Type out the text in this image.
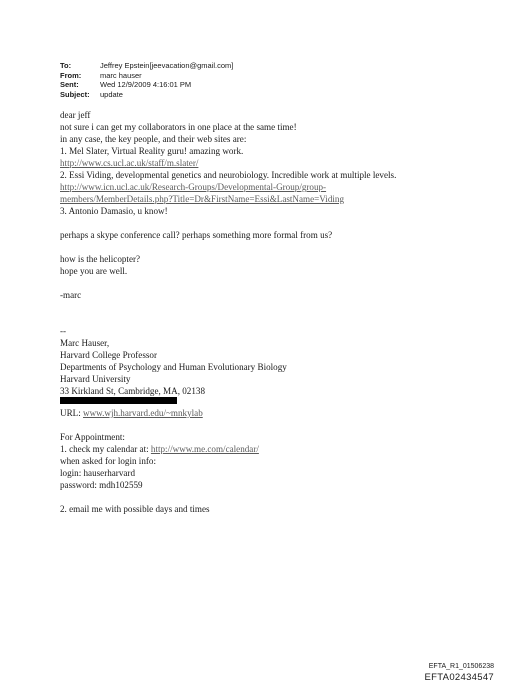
To:	Jeffrey Epstein[jeevacation@gmail.com]
From:	marc hauser
Sent:	Wed 12/9/2009 4:16:01 PM
Subject:	update
dear jeff
not sure i can get my collaborators in one place at the same time!
in any case, the key people, and their web sites are:
1. Mel Slater, Virtual Reality guru! amazing work.
http://www.cs.ucl.ac.uk/staff/m.slater/
2. Essi Viding, developmental genetics and neurobiology. Incredible work at multiple levels.
http://www.icn.ucl.ac.uk/Research-Groups/Developmental-Group/group-
members/MemberDetails.php?Title=Dr&FirstName=Essi&LastName=Viding
3. Antonio Damasio, u know!
perhaps a skype conference call? perhaps something more formal from us?
how is the helicopter?
hope you are well.
-marc
--
Marc Hauser,
Harvard College Professor
Departments of Psychology and Human Evolutionary Biology
Harvard University
33 Kirkland St, Cambridge, MA, 02138
URL: www.wjh.harvard.edu/~mnkylab
For Appointment:
1. check my calendar at: http://www.me.com/calendar/
when asked for login info:
login: hauserharvard
password: mdh102559
2. email me with possible days and times
EFTA_R1_01506238
EFTA02434547
